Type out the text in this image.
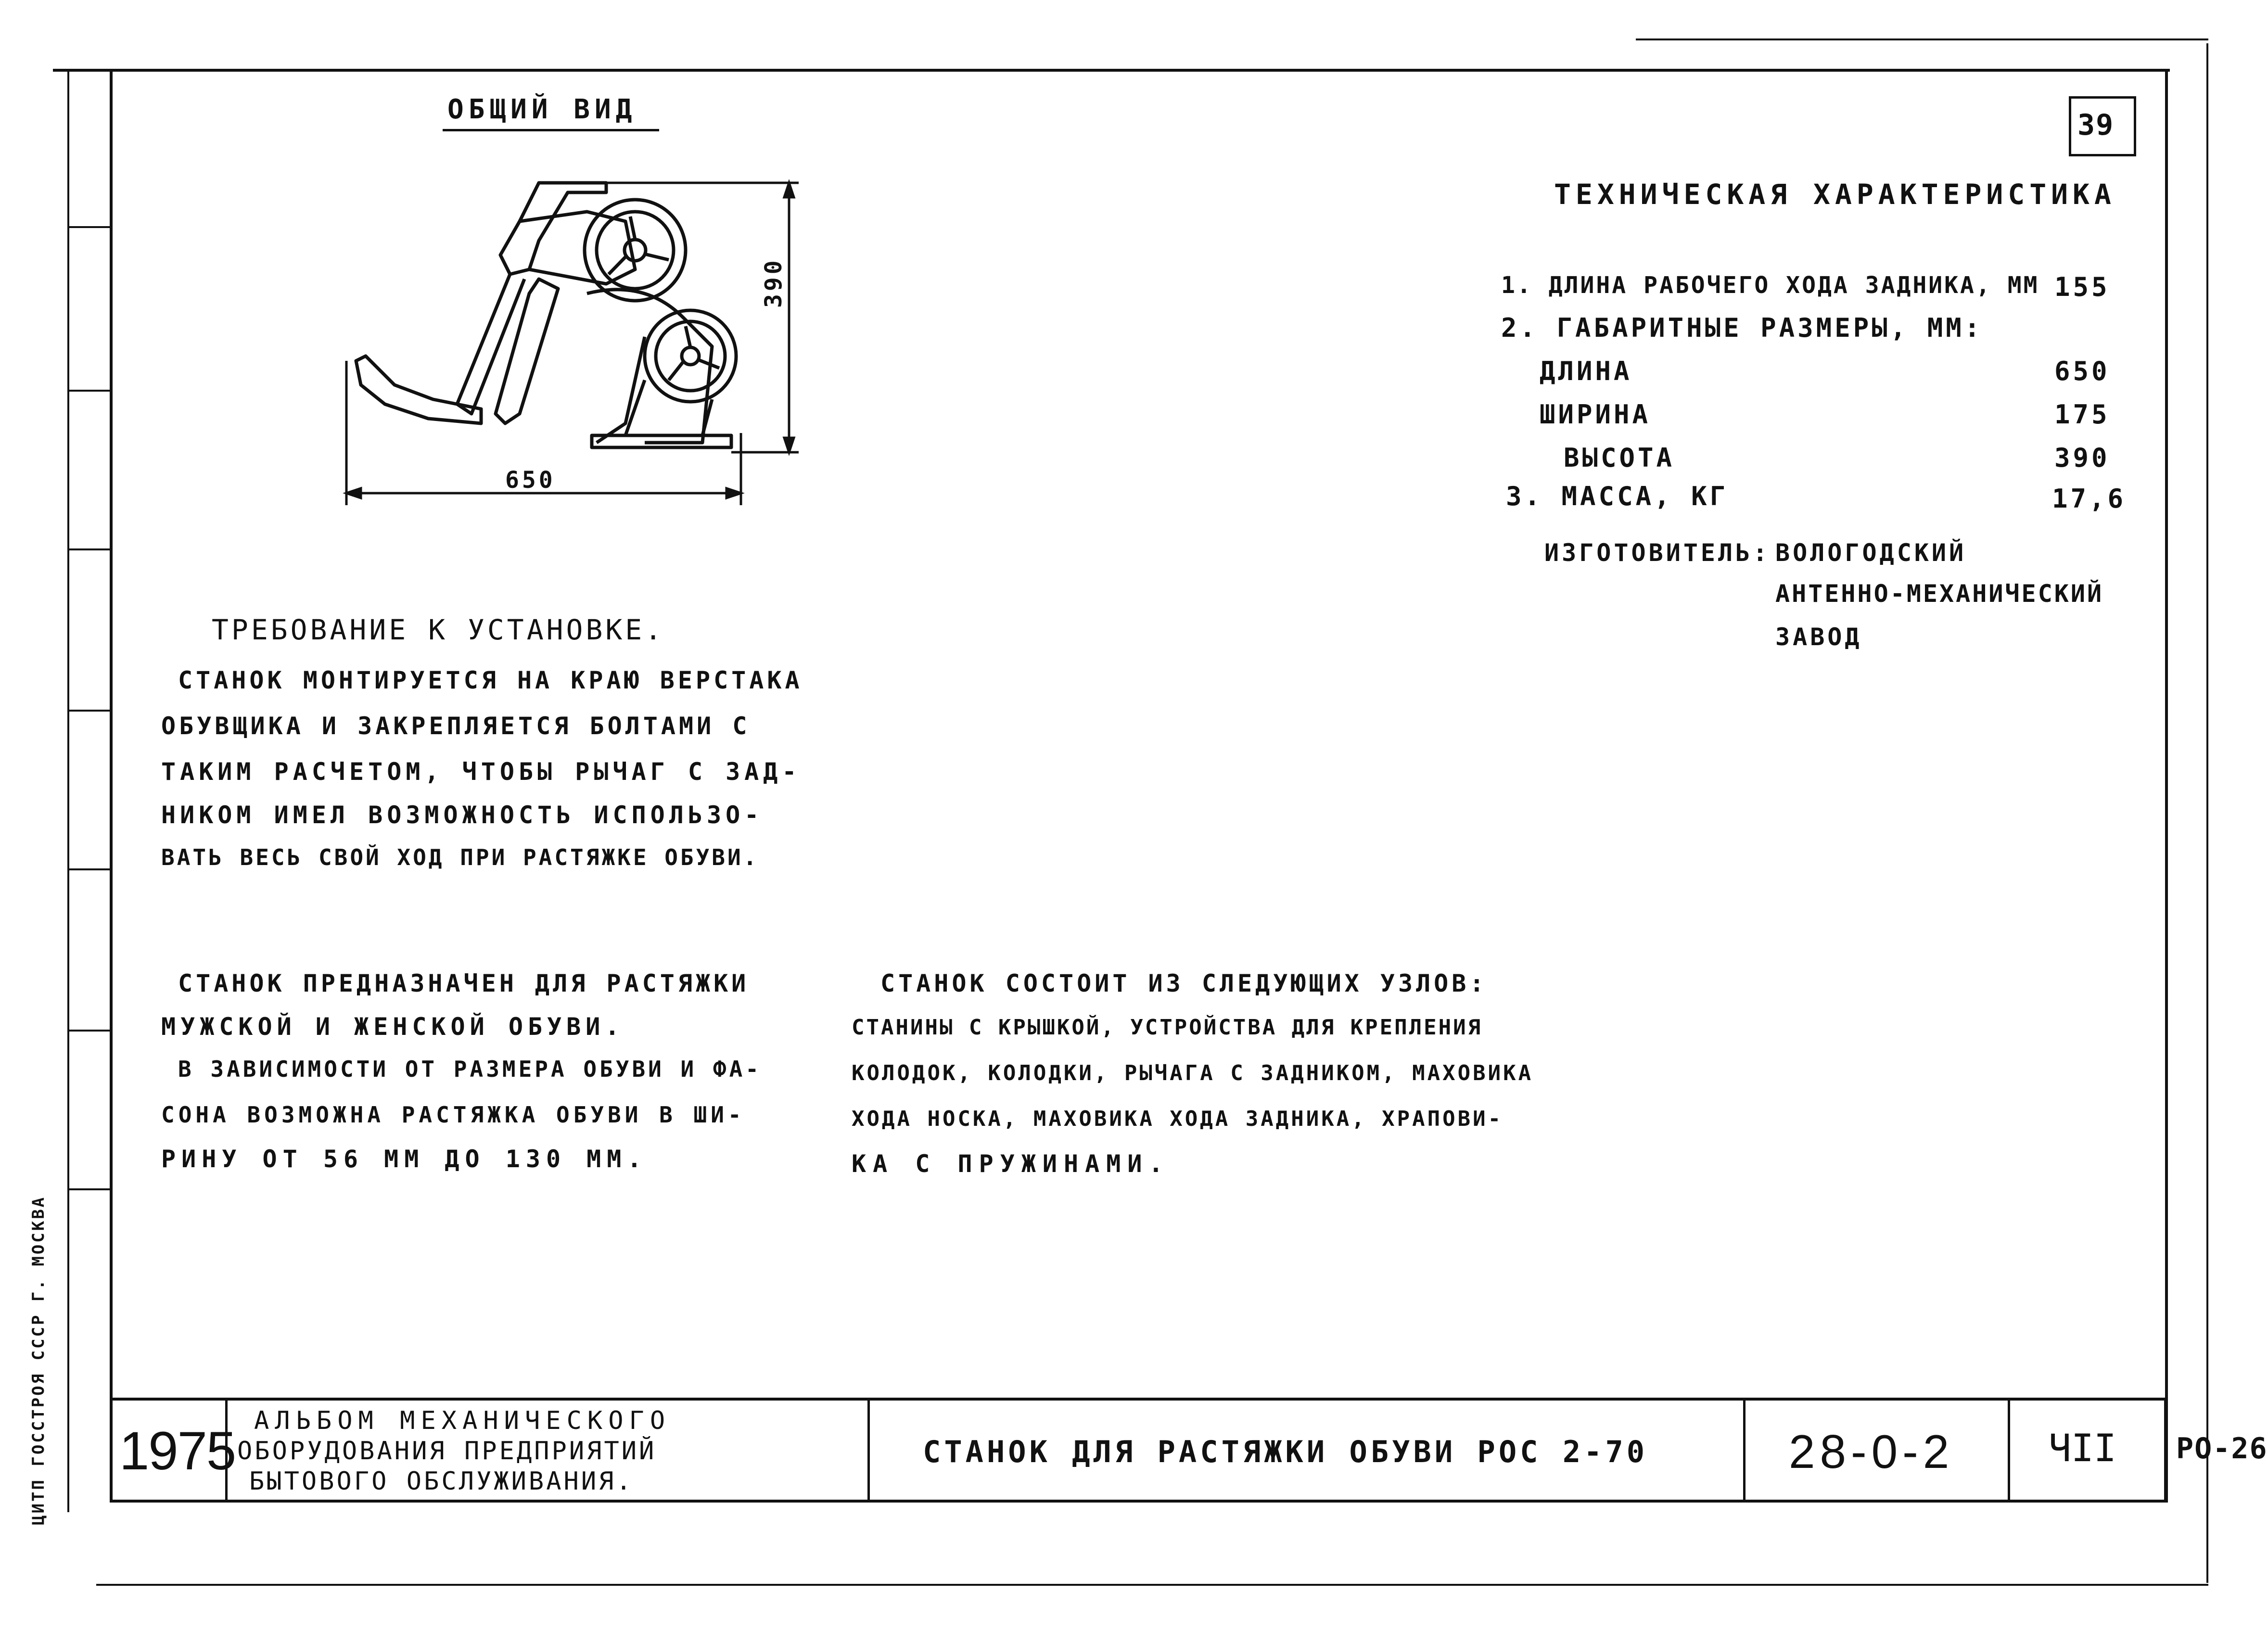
ЦИТП ГОССТРОЯ СССР Г. МОСКВА
39
ОБЩИЙ ВИД
390
650
ТЕХНИЧЕСКАЯ ХАРАКТЕРИСТИКА
1. ДЛИНА РАБОЧЕГО ХОДА ЗАДНИКА, ММ 155
2. ГАБАРИТНЫЕ РАЗМЕРЫ, ММ:
ДЛИНА	650
ШИРИНА	175
ВЫСОТА	390
3. МАССА, КГ	17,6
ИЗГОТОВИТЕЛЬ: ВОЛОГОДСКИЙ
АНТЕННО-МЕХАНИЧЕСКИЙ
ЗАВОД
ТРЕБОВАНИЕ К УСТАНОВКЕ.
СТАНОК МОНТИРУЕТСЯ НА КРАЮ ВЕРСТАКА
ОБУВЩИКА И ЗАКРЕПЛЯЕТСЯ БОЛТАМИ С
ТАКИМ РАСЧЕТОМ, ЧТОБЫ РЫЧАГ С ЗАД-
НИКОМ ИМЕЛ ВОЗМОЖНОСТЬ ИСПОЛЬЗО-
ВАТЬ ВЕСЬ СВОЙ ХОД ПРИ РАСТЯЖКЕ ОБУВИ.
СТАНОК ПРЕДНАЗНАЧЕН ДЛЯ РАСТЯЖКИ
МУЖСКОЙ И ЖЕНСКОЙ ОБУВИ.
В ЗАВИСИМОСТИ ОТ РАЗМЕРА ОБУВИ И ФА-
СОНА ВОЗМОЖНА РАСТЯЖКА ОБУВИ В ШИ-
РИНУ ОТ 56 ММ ДО 130 ММ.
СТАНОК СОСТОИТ ИЗ СЛЕДУЮЩИХ УЗЛОВ:
СТАНИНЫ С КРЫШКОЙ, УСТРОЙСТВА ДЛЯ КРЕПЛЕНИЯ
КОЛОДОК, КОЛОДКИ, РЫЧАГА С ЗАДНИКОМ, МАХОВИКА
ХОДА НОСКА, МАХОВИКА ХОДА ЗАДНИКА, ХРАПОВИ-
КА С ПРУЖИНАМИ.
1975 АЛЬБОМ МЕХАНИЧЕСКОГО
ОБОРУДОВАНИЯ ПРЕДПРИЯТИЙ
БЫТОВОГО ОБСЛУЖИВАНИЯ.
СТАНОК ДЛЯ РАСТЯЖКИ ОБУВИ РОС 2-70	28-0-2	ЧII РО-26
